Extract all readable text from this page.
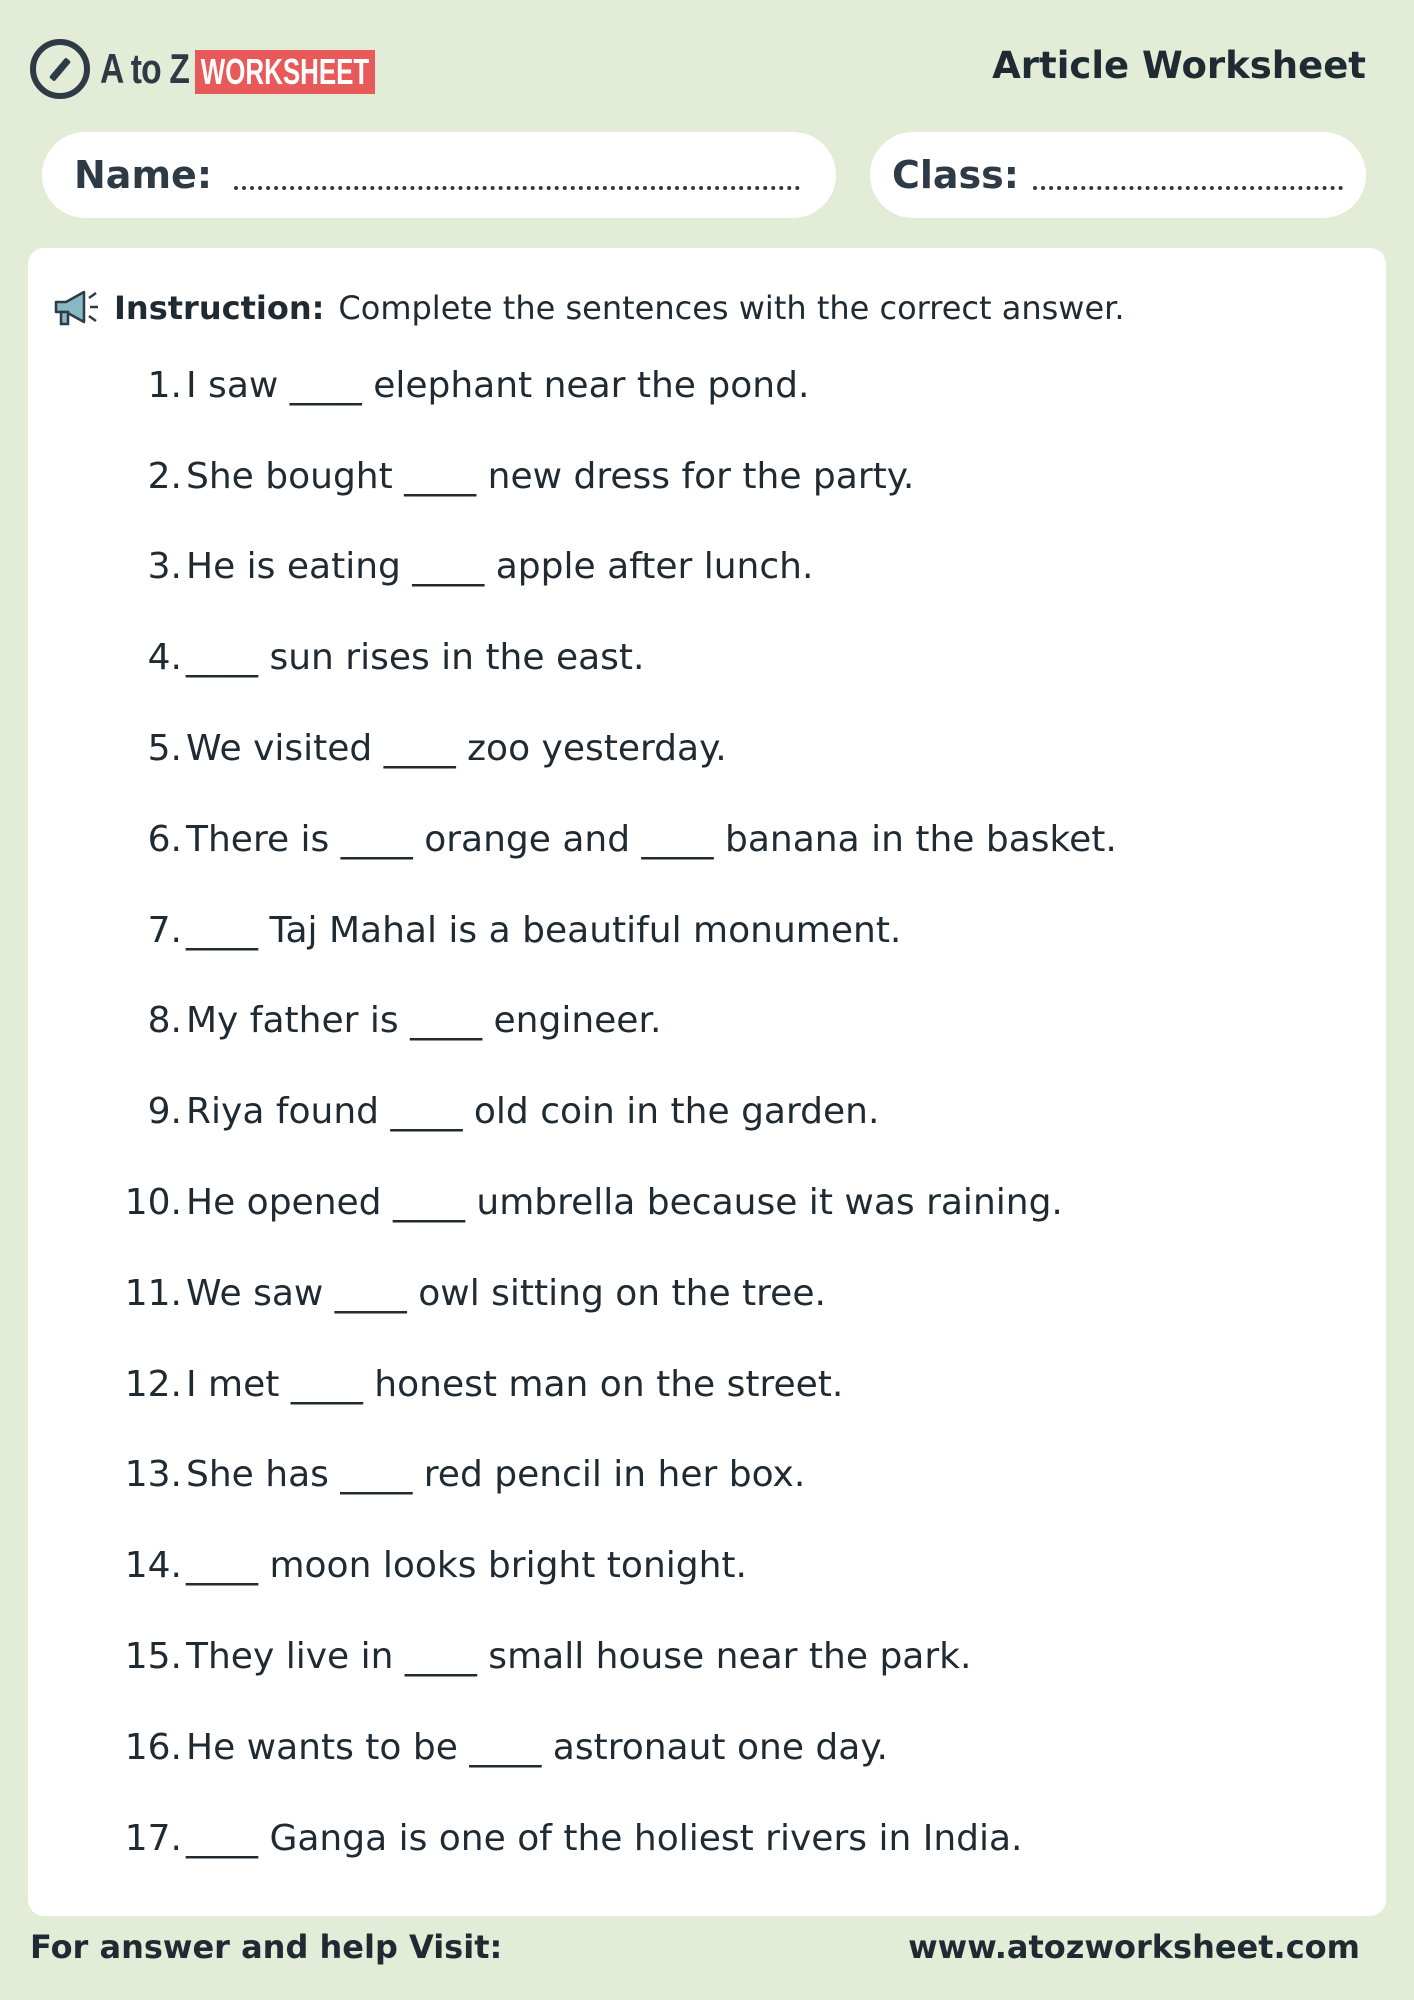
A to Z WORKSHEET	Article Worksheet
Name:	Class:
Instruction: Complete the sentences with the correct answer.
1. I saw ____ elephant near the pond.
2. She bought ____ new dress for the party.
3. He is eating ____ apple after lunch.
4. ____ sun rises in the east.
5. We visited ____ zoo yesterday.
6. There is ____ orange and ____ banana in the basket.
7. ____ Taj Mahal is a beautiful monument.
8. My father is ____ engineer.
9. Riya found ____ old coin in the garden.
10. He opened ____ umbrella because it was raining.
11. We saw ____ owl sitting on the tree.
12. I met ____ honest man on the street.
13. She has ____ red pencil in her box.
14. ____ moon looks bright tonight.
15. They live in ____ small house near the park.
16. He wants to be ____ astronaut one day.
17. ____ Ganga is one of the holiest rivers in India.
For answer and help Visit:	www.atozworksheet.com
